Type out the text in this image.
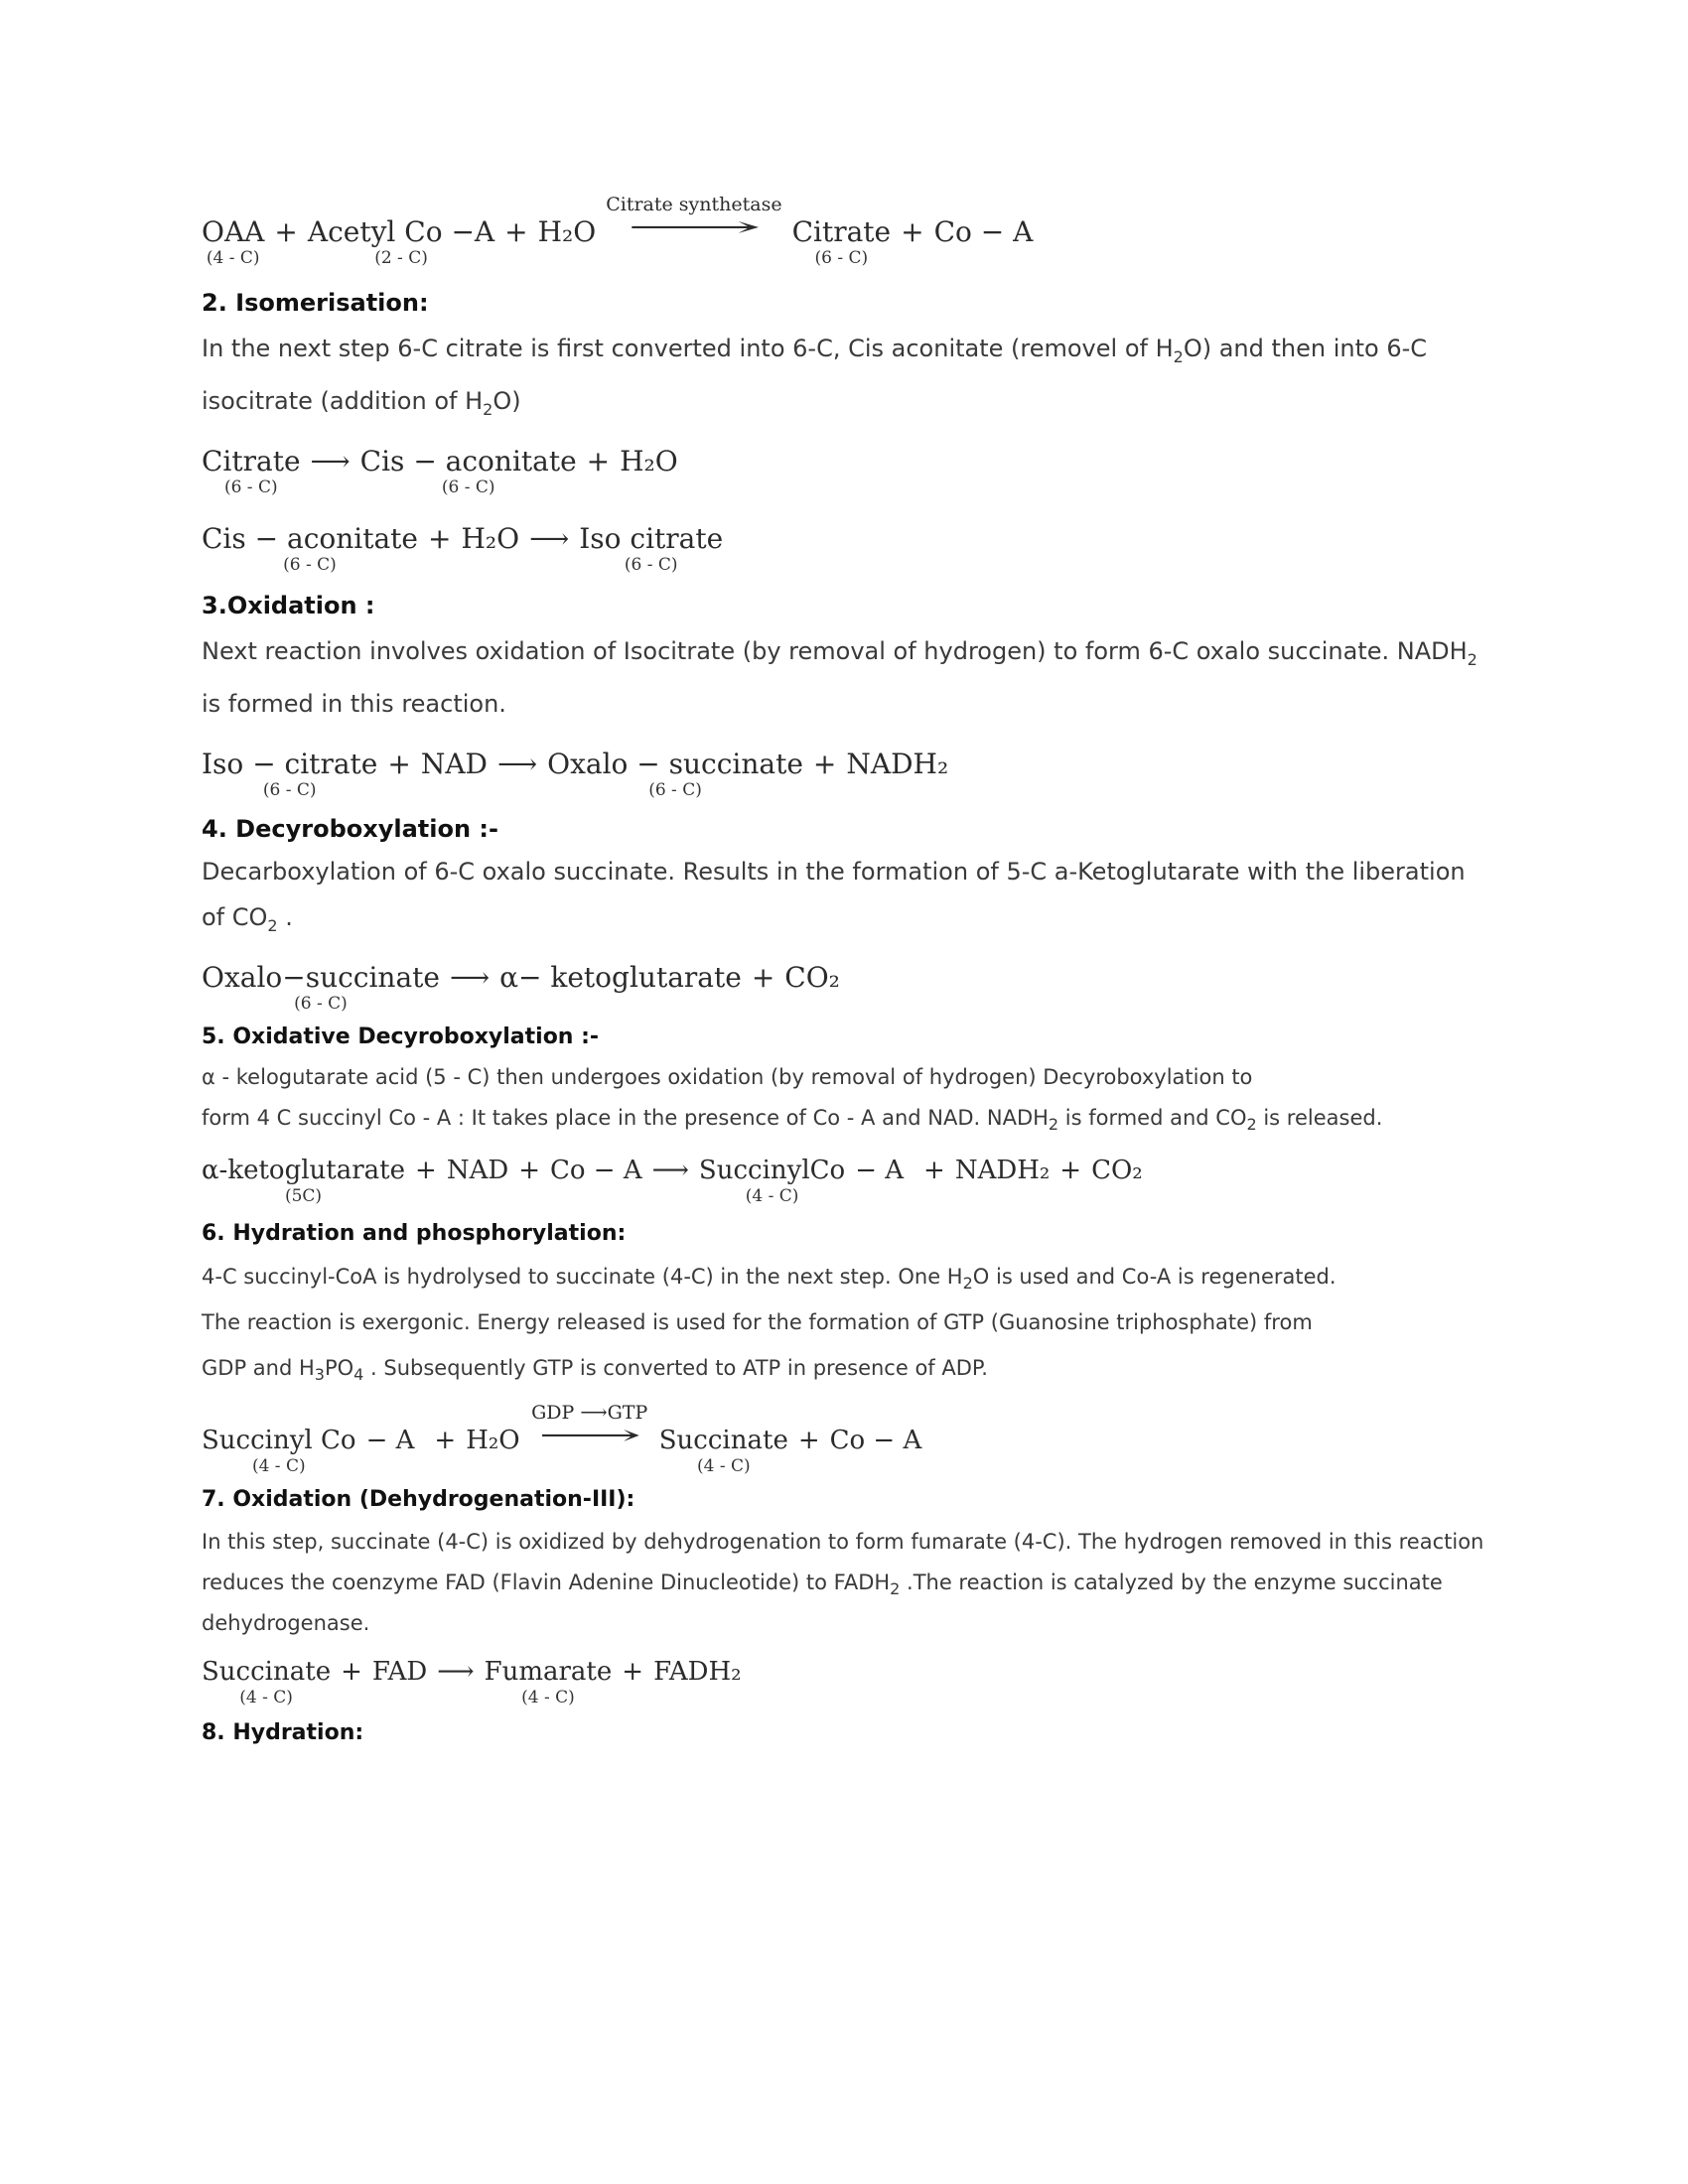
OAA
(4 - C)
+ Acetyl Co −A
(2 - C)
+ H₂O
Citrate synthetase
⟶ Citrate
(6 - C)
+ Co − A
2. Isomerisation:
In the next step 6-C citrate is first converted into 6-C, Cis aconitate (removel of $H_2O$) and then into 6-C
isocitrate (addition of $H_2O$)
Citrate
(6 - C)
⟶ Cis − aconitate
(6 - C)
+ H₂O
Cis − aconitate
(6 - C)
+ H₂O ⟶ Iso citrate
(6 - C)
3.Oxidation :
Next reaction involves oxidation of Isocitrate (by removal of hydrogen) to form 6-C oxalo succinate. $NADH_2$
is formed in this reaction.
Iso − citrate
(6 - C)
+ NAD ⟶ Oxalo − succinate
(6 - C)
+ NADH₂
4. Decyroboxylation :-
Decarboxylation of 6-C oxalo succinate. Results in the formation of 5-C a-Ketoglutarate with the liberation
of $CO_2$ .
Oxalo−succinate
(6 - C)
⟶ α− ketoglutarate + CO₂
5. Oxidative Decyroboxylation :-
α - kelogutarate acid (5 - C) then undergoes oxidation (by removal of hydrogen) Decyroboxylation to
form 4 C succinyl Co - A : It takes place in the presence of Co - A and NAD. $NADH_2$ is formed and $CO_2$ is released.
α-ketoglutarate
(5C)
+ NAD + Co − A ⟶ SuccinylCo
(4 - C)
− A + NADH₂ + CO₂
6. Hydration and phosphorylation:
4-C succinyl-CoA is hydrolysed to succinate (4-C) in the next step. One $H_2O$ is used and Co-A is regenerated.
The reaction is exergonic. Energy released is used for the formation of GTP (Guanosine triphosphate) from
GDP and $H_3PO_4$ . Subsequently GTP is converted to ATP in presence of ADP.
Succinyl Co
(4 - C)
− A + H₂O
GDP ⟶GTP
⟶ Succinate
(4 - C)
+ Co − A
7. Oxidation (Dehydrogenation-III):
In this step, succinate (4-C) is oxidized by dehydrogenation to form fumarate (4-C). The hydrogen removed in this reaction
reduces the coenzyme FAD (Flavin Adenine Dinucleotide) to $FADH_2$ .The reaction is catalyzed by the enzyme succinate
dehydrogenase.
Succinate
(4 - C)
+ FAD ⟶ Fumarate
(4 - C)
+ FADH₂
8. Hydration:
